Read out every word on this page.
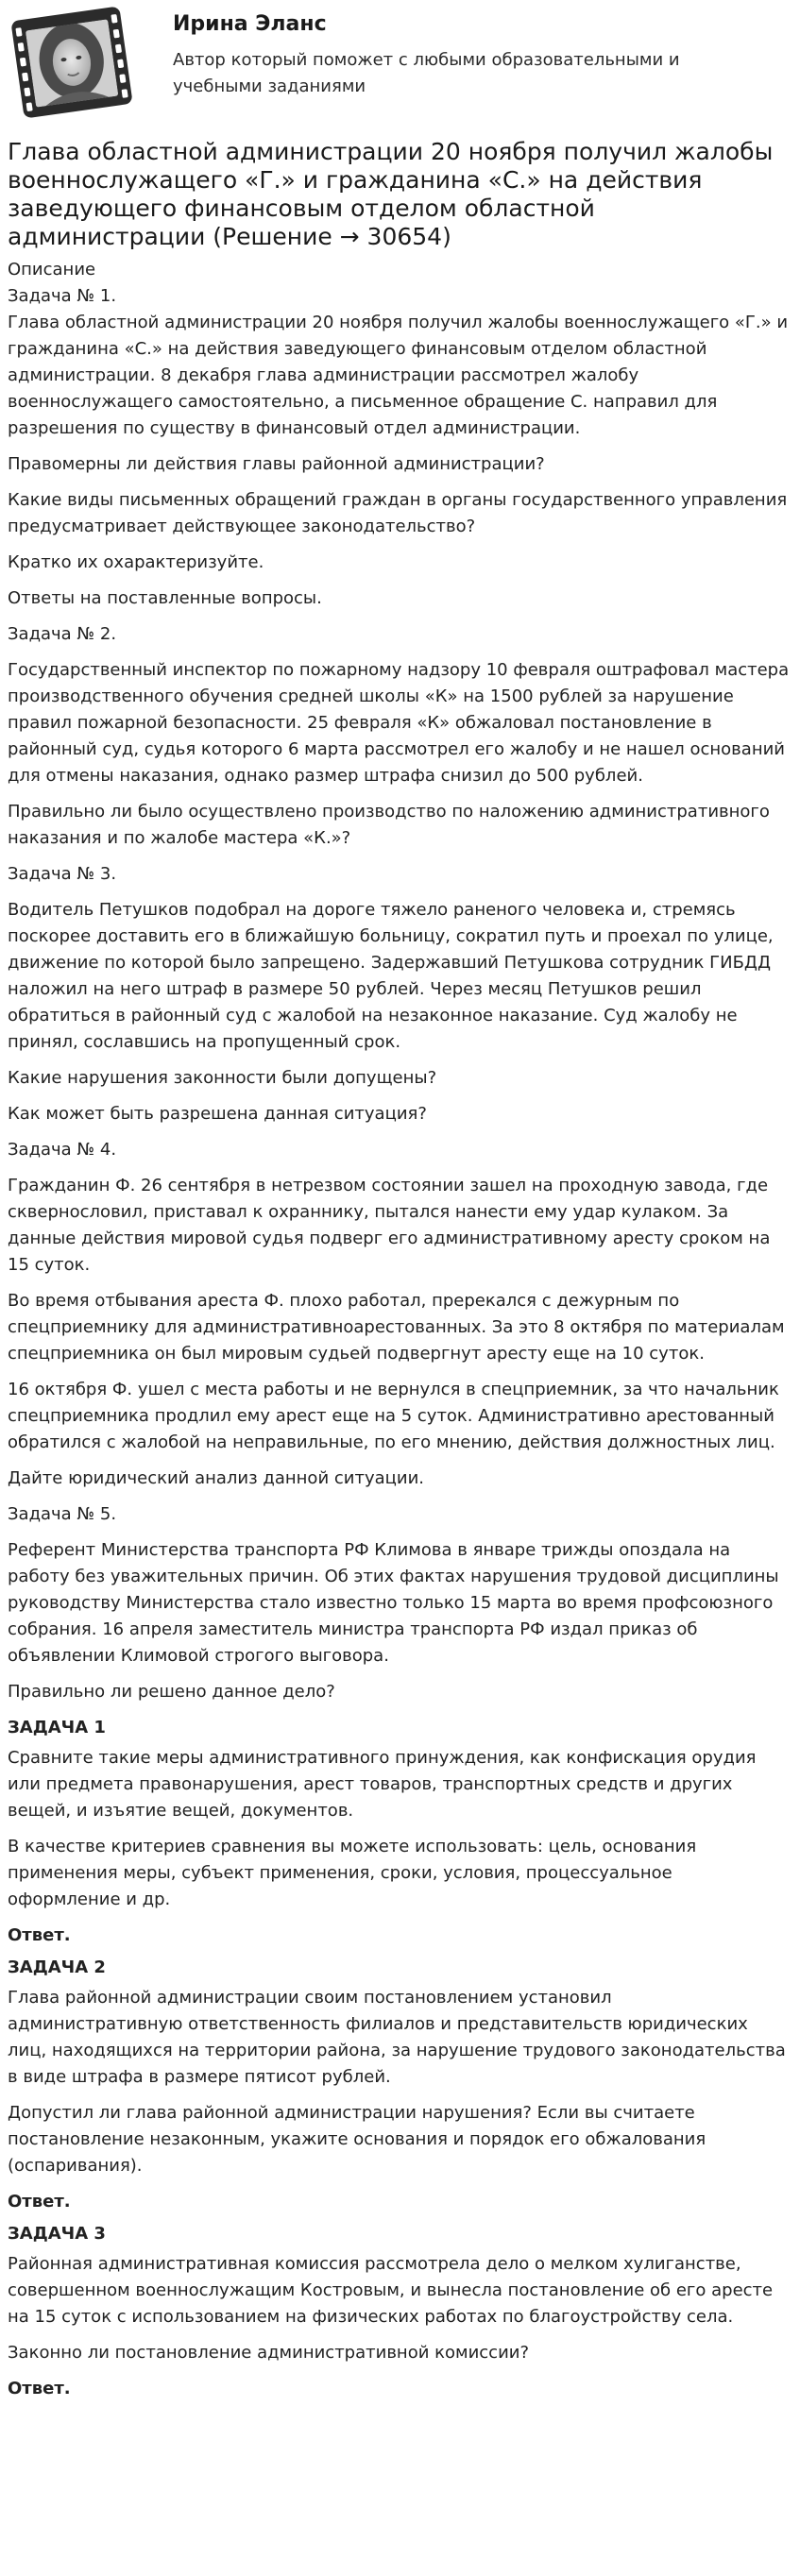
Ирина Эланс

Автор который поможет с любыми образовательными и учебными заданиями

Глава областной администрации 20 ноября получил жалобы военнослужащего «Г.» и гражданина «С.» на действия заведующего финансовым отделом областной администрации (Решение → 30654)

Описание

Задача № 1.

Глава областной администрации 20 ноября получил жалобы военнослужащего «Г.» и гражданина «С.» на действия заведующего финансовым отделом областной администрации. 8 декабря глава администрации рассмотрел жалобу военнослужащего самостоятельно, а письменное обращение С. направил для разрешения по существу в финансовый отдел администрации.

Правомерны ли действия главы районной администрации?

Какие виды письменных обращений граждан в органы государственного управления предусматривает действующее законодательство?

Кратко их охарактеризуйте.

Ответы на поставленные вопросы.

Задача № 2.

Государственный инспектор по пожарному надзору 10 февраля оштрафовал мастера производственного обучения средней школы «К» на 1500 рублей за нарушение правил пожарной безопасности. 25 февраля «К» обжаловал постановление в районный суд, судья которого 6 марта рассмотрел его жалобу и не нашел оснований для отмены наказания, однако размер штрафа снизил до 500 рублей.

Правильно ли было осуществлено производство по наложению административного наказания и по жалобе мастера «К.»?

Задача № 3.

Водитель Петушков подобрал на дороге тяжело раненого человека и, стремясь поскорее доставить его в ближайшую больницу, сократил путь и проехал по улице, движение по которой было запрещено. Задержавший Петушкова сотрудник ГИБДД наложил на него штраф в размере 50 рублей. Через месяц Петушков решил обратиться в районный суд с жалобой на незаконное наказание. Суд жалобу не принял, сославшись на пропущенный срок.

Какие нарушения законности были допущены?

Как может быть разрешена данная ситуация?

Задача № 4.

Гражданин Ф. 26 сентября в нетрезвом состоянии зашел на проходную завода, где сквернословил, приставал к охраннику, пытался нанести ему удар кулаком. За данные действия мировой судья подверг его административному аресту сроком на 15 суток.

Во время отбывания ареста Ф. плохо работал, пререкался с дежурным по спецприемнику для административноарестованных. За это 8 октября по материалам спецприемника он был мировым судьей подвергнут аресту еще на 10 суток.

16 октября Ф. ушел с места работы и не вернулся в спецприемник, за что начальник спецприемника продлил ему арест еще на 5 суток. Административно арестованный обратился с жалобой на неправильные, по его мнению, действия должностных лиц.

Дайте юридический анализ данной ситуации.

Задача № 5.

Референт Министерства транспорта РФ Климова в январе трижды опоздала на работу без уважительных причин. Об этих фактах нарушения трудовой дисциплины руководству Министерства стало известно только 15 марта во время профсоюзного собрания. 16 апреля заместитель министра транспорта РФ издал приказ об объявлении Климовой строгого выговора.

Правильно ли решено данное дело?

ЗАДАЧА 1

Сравните такие меры административного принуждения, как конфискация орудия или предмета правонарушения, арест товаров, транспортных средств и других вещей, и изъятие вещей, документов.

В качестве критериев сравнения вы можете использовать: цель, основания применения меры, субъект применения, сроки, условия, процессуальное оформление и др.

Ответ.

ЗАДАЧА 2

Глава районной администрации своим постановлением установил административную ответственность филиалов и представительств юридических лиц, находящихся на территории района, за нарушение трудового законодательства в виде штрафа в размере пятисот рублей.

Допустил ли глава районной администрации нарушения? Если вы считаете постановление незаконным, укажите основания и порядок его обжалования (оспаривания).

Ответ.

ЗАДАЧА 3

Районная административная комиссия рассмотрела дело о мелком хулиганстве, совершенном военнослужащим Костровым, и вынесла постановление об его аресте на 15 суток с использованием на физических работах по благоустройству села.

Законно ли постановление административной комиссии?

Ответ.
